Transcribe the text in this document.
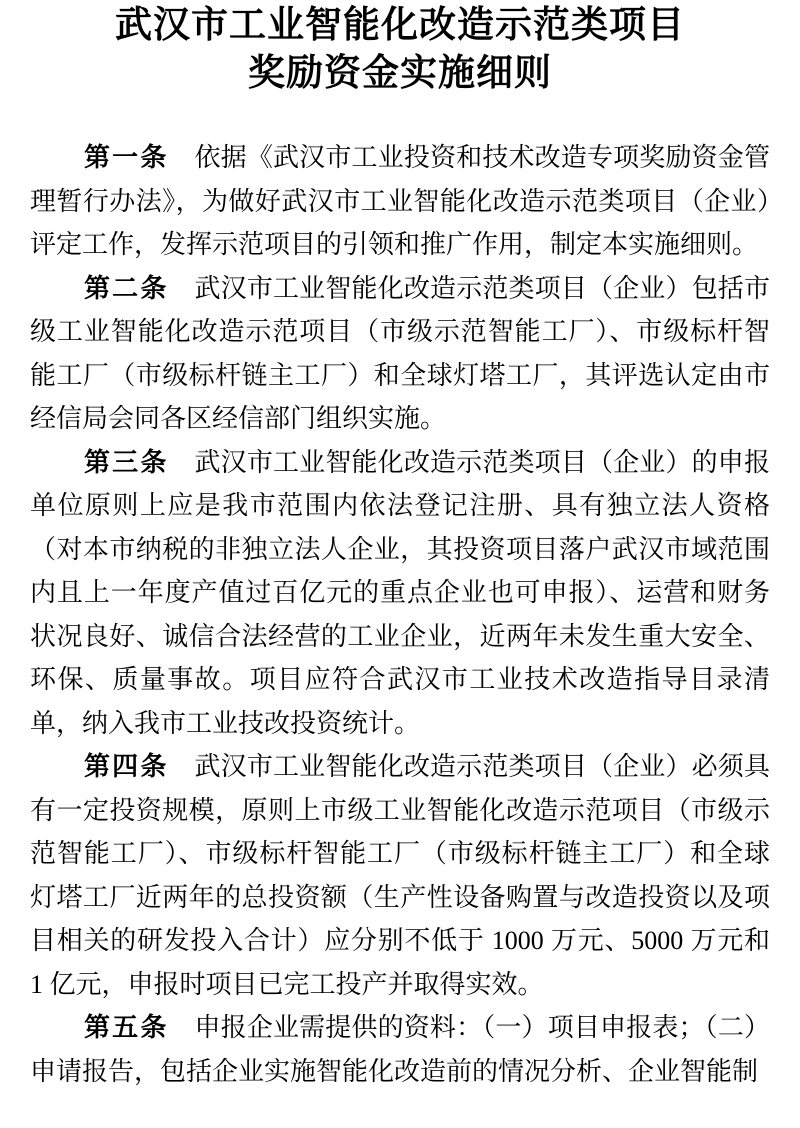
武汉市工业智能化改造示范类项目
奖励资金实施细则

第一条 依据《武汉市工业投资和技术改造专项奖励资金管理暂行办法》，为做好武汉市工业智能化改造示范类项目（企业）评定工作，发挥示范项目的引领和推广作用，制定本实施细则。

第二条 武汉市工业智能化改造示范类项目（企业）包括市级工业智能化改造示范项目（市级示范智能工厂）、市级标杆智能工厂（市级标杆链主工厂）和全球灯塔工厂，其评选认定由市经信局会同各区经信部门组织实施。

第三条 武汉市工业智能化改造示范类项目（企业）的申报单位原则上应是我市范围内依法登记注册、具有独立法人资格（对本市纳税的非独立法人企业，其投资项目落户武汉市域范围内且上一年度产值过百亿元的重点企业也可申报）、运营和财务状况良好、诚信合法经营的工业企业，近两年未发生重大安全、环保、质量事故。项目应符合武汉市工业技术改造指导目录清单，纳入我市工业技改投资统计。

第四条 武汉市工业智能化改造示范类项目（企业）必须具有一定投资规模，原则上市级工业智能化改造示范项目（市级示范智能工厂）、市级标杆智能工厂（市级标杆链主工厂）和全球灯塔工厂近两年的总投资额（生产性设备购置与改造投资以及项目相关的研发投入合计）应分别不低于 1000 万元、5000 万元和 1 亿元，申报时项目已完工投产并取得实效。

第五条 申报企业需提供的资料：（一）项目申报表；（二）申请报告，包括企业实施智能化改造前的情况分析、企业智能制
